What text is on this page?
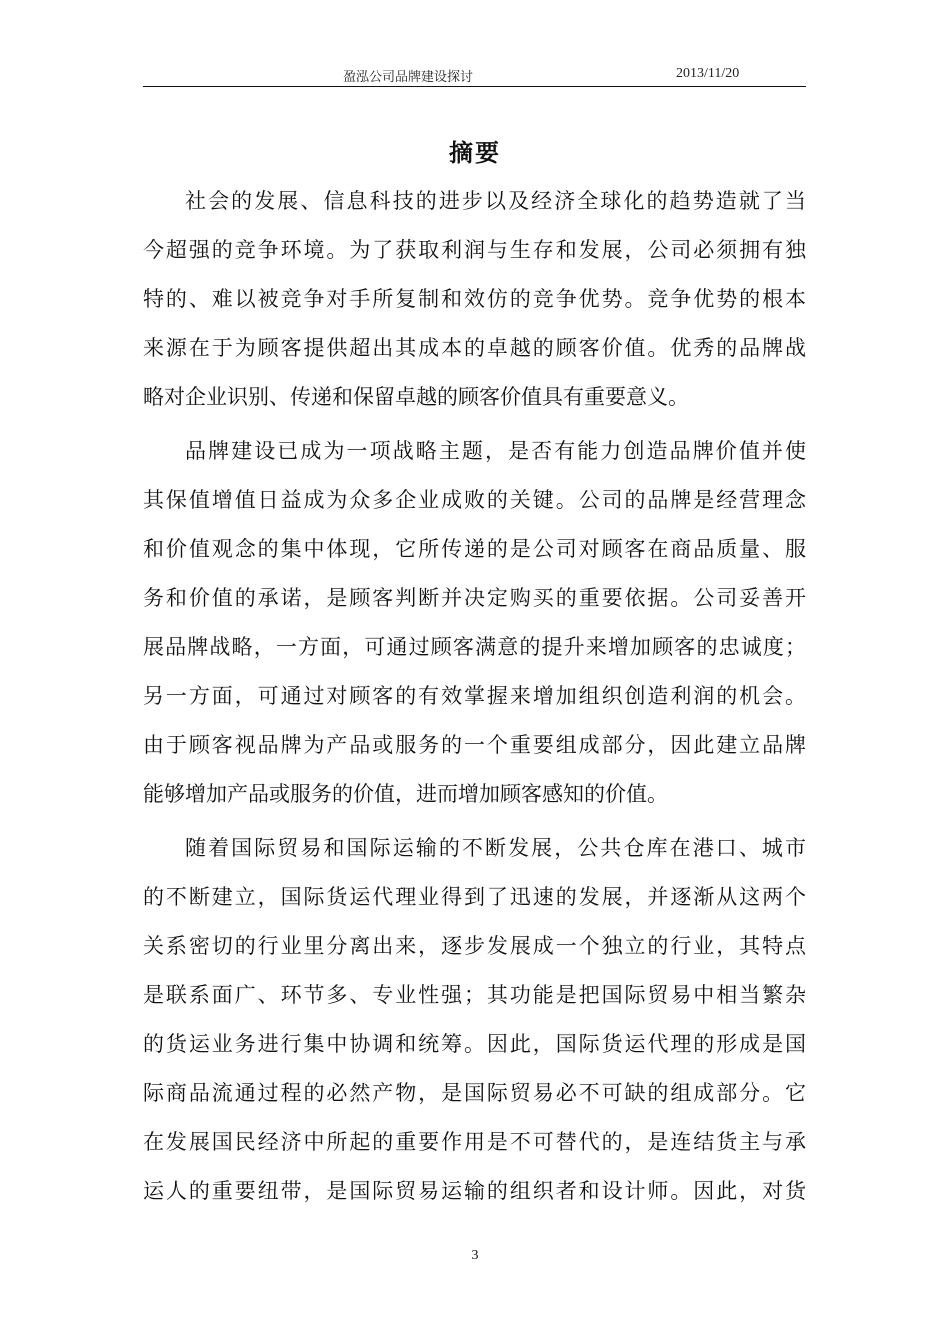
盈泓公司品牌建设探讨	2013/11/20
摘要
社会的发展、信息科技的进步以及经济全球化的趋势造就了当
今超强的竞争环境。为了获取利润与生存和发展，公司必须拥有独
特的、难以被竞争对手所复制和效仿的竞争优势。竞争优势的根本
来源在于为顾客提供超出其成本的卓越的顾客价值。优秀的品牌战
略对企业识别、传递和保留卓越的顾客价值具有重要意义。
品牌建设已成为一项战略主题，是否有能力创造品牌价值并使
其保值增值日益成为众多企业成败的关键。公司的品牌是经营理念
和价值观念的集中体现，它所传递的是公司对顾客在商品质量、服
务和价值的承诺，是顾客判断并决定购买的重要依据。公司妥善开
展品牌战略，一方面，可通过顾客满意的提升来增加顾客的忠诚度；
另一方面，可通过对顾客的有效掌握来增加组织创造利润的机会。
由于顾客视品牌为产品或服务的一个重要组成部分，因此建立品牌
能够增加产品或服务的价值，进而增加顾客感知的价值。
随着国际贸易和国际运输的不断发展，公共仓库在港口、城市
的不断建立，国际货运代理业得到了迅速的发展，并逐渐从这两个
关系密切的行业里分离出来，逐步发展成一个独立的行业，其特点
是联系面广、环节多、专业性强；其功能是把国际贸易中相当繁杂
的货运业务进行集中协调和统筹。因此，国际货运代理的形成是国
际商品流通过程的必然产物，是国际贸易必不可缺的组成部分。它
在发展国民经济中所起的重要作用是不可替代的，是连结货主与承
运人的重要纽带，是国际贸易运输的组织者和设计师。因此，对货
3
